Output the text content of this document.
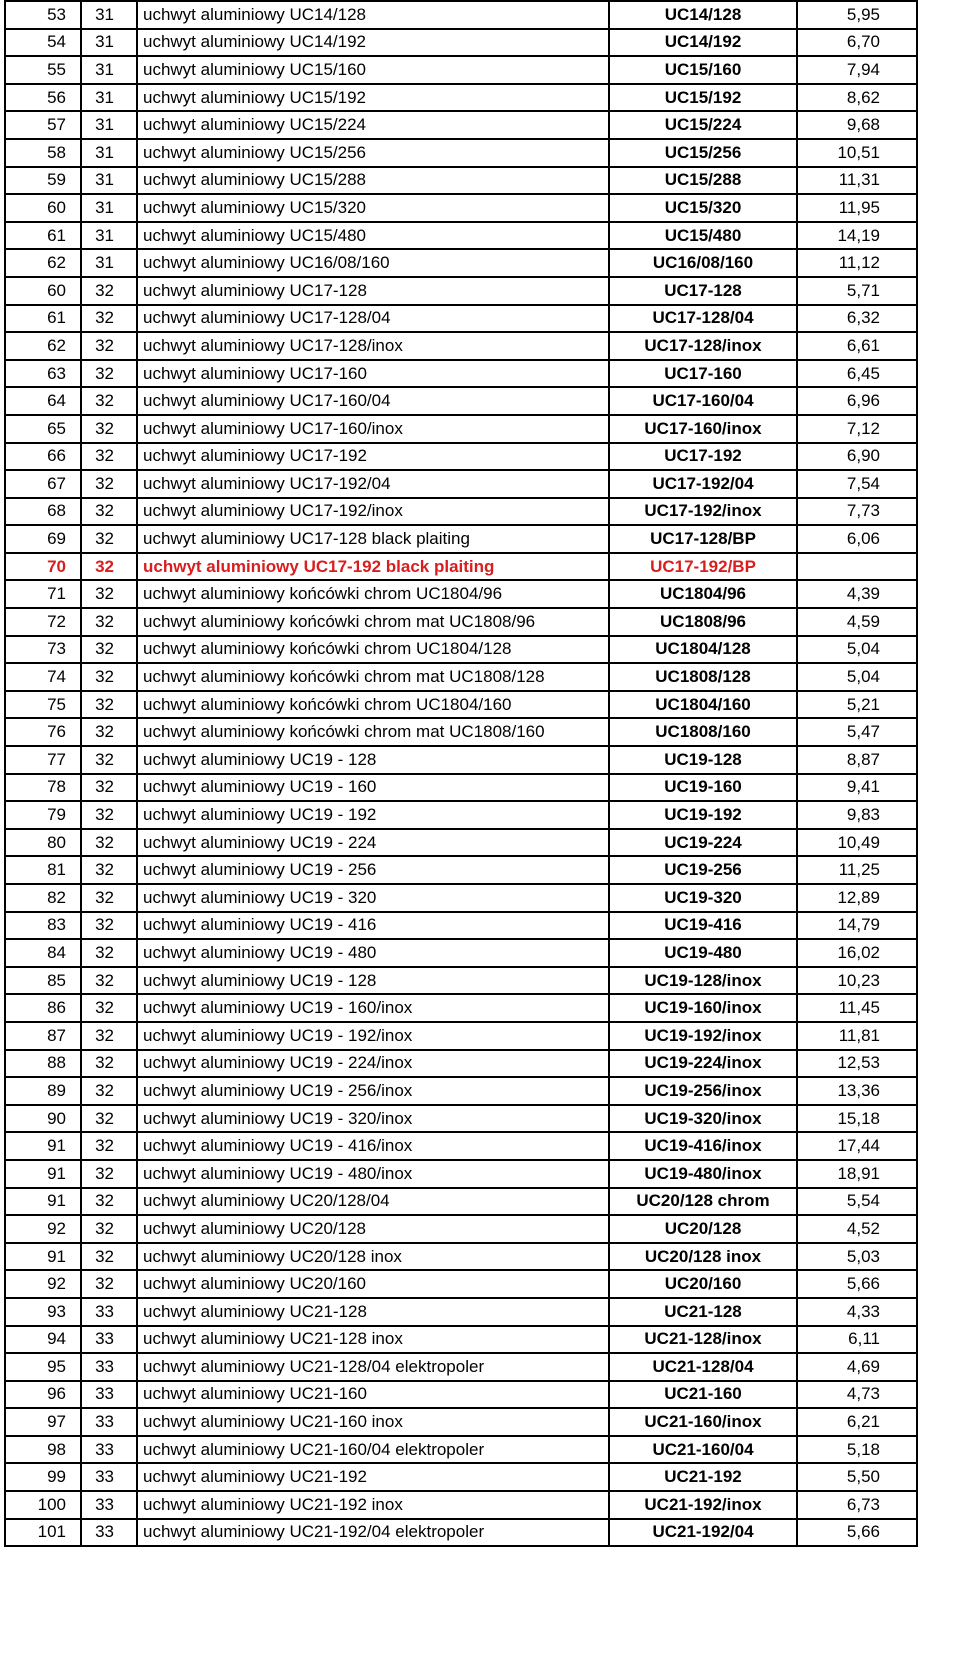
53	31	uchwyt aluminiowy UC14/128	UC14/128	5,95
54	31	uchwyt aluminiowy UC14/192	UC14/192	6,70
55	31	uchwyt aluminiowy UC15/160	UC15/160	7,94
56	31	uchwyt aluminiowy UC15/192	UC15/192	8,62
57	31	uchwyt aluminiowy UC15/224	UC15/224	9,68
58	31	uchwyt aluminiowy UC15/256	UC15/256	10,51
59	31	uchwyt aluminiowy UC15/288	UC15/288	11,31
60	31	uchwyt aluminiowy UC15/320	UC15/320	11,95
61	31	uchwyt aluminiowy UC15/480	UC15/480	14,19
62	31	uchwyt aluminiowy UC16/08/160	UC16/08/160	11,12
60	32	uchwyt aluminiowy UC17-128	UC17-128	5,71
61	32	uchwyt aluminiowy UC17-128/04	UC17-128/04	6,32
62	32	uchwyt aluminiowy UC17-128/inox	UC17-128/inox	6,61
63	32	uchwyt aluminiowy UC17-160	UC17-160	6,45
64	32	uchwyt aluminiowy UC17-160/04	UC17-160/04	6,96
65	32	uchwyt aluminiowy UC17-160/inox	UC17-160/inox	7,12
66	32	uchwyt aluminiowy UC17-192	UC17-192	6,90
67	32	uchwyt aluminiowy UC17-192/04	UC17-192/04	7,54
68	32	uchwyt aluminiowy UC17-192/inox	UC17-192/inox	7,73
69	32	uchwyt aluminiowy UC17-128 black plaiting	UC17-128/BP	6,06
70	32	uchwyt aluminiowy UC17-192 black plaiting	UC17-192/BP	
71	32	uchwyt aluminiowy końcówki chrom UC1804/96	UC1804/96	4,39
72	32	uchwyt aluminiowy końcówki chrom mat UC1808/96	UC1808/96	4,59
73	32	uchwyt aluminiowy końcówki chrom UC1804/128	UC1804/128	5,04
74	32	uchwyt aluminiowy końcówki chrom mat UC1808/128	UC1808/128	5,04
75	32	uchwyt aluminiowy końcówki chrom UC1804/160	UC1804/160	5,21
76	32	uchwyt aluminiowy końcówki chrom mat UC1808/160	UC1808/160	5,47
77	32	uchwyt aluminiowy UC19 - 128	UC19-128	8,87
78	32	uchwyt aluminiowy UC19 - 160	UC19-160	9,41
79	32	uchwyt aluminiowy UC19 - 192	UC19-192	9,83
80	32	uchwyt aluminiowy UC19 - 224	UC19-224	10,49
81	32	uchwyt aluminiowy UC19 - 256	UC19-256	11,25
82	32	uchwyt aluminiowy UC19 - 320	UC19-320	12,89
83	32	uchwyt aluminiowy UC19 - 416	UC19-416	14,79
84	32	uchwyt aluminiowy UC19 - 480	UC19-480	16,02
85	32	uchwyt aluminiowy UC19 - 128	UC19-128/inox	10,23
86	32	uchwyt aluminiowy UC19 - 160/inox	UC19-160/inox	11,45
87	32	uchwyt aluminiowy UC19 - 192/inox	UC19-192/inox	11,81
88	32	uchwyt aluminiowy UC19 - 224/inox	UC19-224/inox	12,53
89	32	uchwyt aluminiowy UC19 - 256/inox	UC19-256/inox	13,36
90	32	uchwyt aluminiowy UC19 - 320/inox	UC19-320/inox	15,18
91	32	uchwyt aluminiowy UC19 - 416/inox	UC19-416/inox	17,44
91	32	uchwyt aluminiowy UC19 - 480/inox	UC19-480/inox	18,91
91	32	uchwyt aluminiowy UC20/128/04	UC20/128 chrom	5,54
92	32	uchwyt aluminiowy UC20/128	UC20/128	4,52
91	32	uchwyt aluminiowy UC20/128 inox	UC20/128 inox	5,03
92	32	uchwyt aluminiowy UC20/160	UC20/160	5,66
93	33	uchwyt aluminiowy UC21-128	UC21-128	4,33
94	33	uchwyt aluminiowy UC21-128 inox	UC21-128/inox	6,11
95	33	uchwyt aluminiowy UC21-128/04 elektropoler	UC21-128/04	4,69
96	33	uchwyt aluminiowy UC21-160	UC21-160	4,73
97	33	uchwyt aluminiowy UC21-160 inox	UC21-160/inox	6,21
98	33	uchwyt aluminiowy UC21-160/04 elektropoler	UC21-160/04	5,18
99	33	uchwyt aluminiowy UC21-192	UC21-192	5,50
100	33	uchwyt aluminiowy UC21-192 inox	UC21-192/inox	6,73
101	33	uchwyt aluminiowy UC21-192/04 elektropoler	UC21-192/04	5,66
